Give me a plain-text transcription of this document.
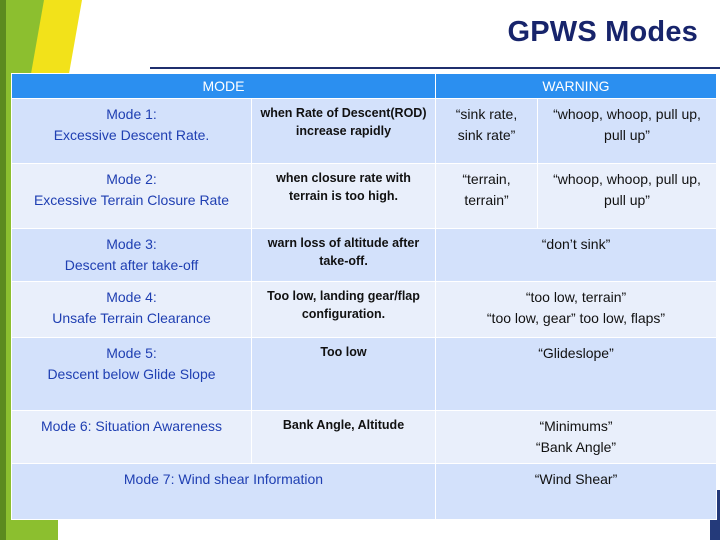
GPWS Modes
MODE		WARNING	

Mode 1:
Excessive Descent Rate.	when Rate of Descent(ROD) increase rapidly	“sink rate, sink rate”	“whoop, whoop, pull up, pull up”

Mode 2:
Excessive Terrain Closure Rate	when closure rate with terrain is too high.	“terrain, terrain”	“whoop, whoop, pull up, pull up”

Mode 3:
Descent after take-off	warn loss of altitude after take-off.	“don’t sink”	

Mode 4:
Unsafe Terrain Clearance	Too low, landing gear/flap configuration.	“too low, terrain”
“too low, gear” too low, flaps”	

Mode 5:
Descent below Glide Slope	Too low	“Glideslope”	
Mode 6: Situation Awareness	Bank Angle, Altitude	“Minimums”
“Bank Angle”	

Mode 7: Wind shear Information		“Wind Shear”	
